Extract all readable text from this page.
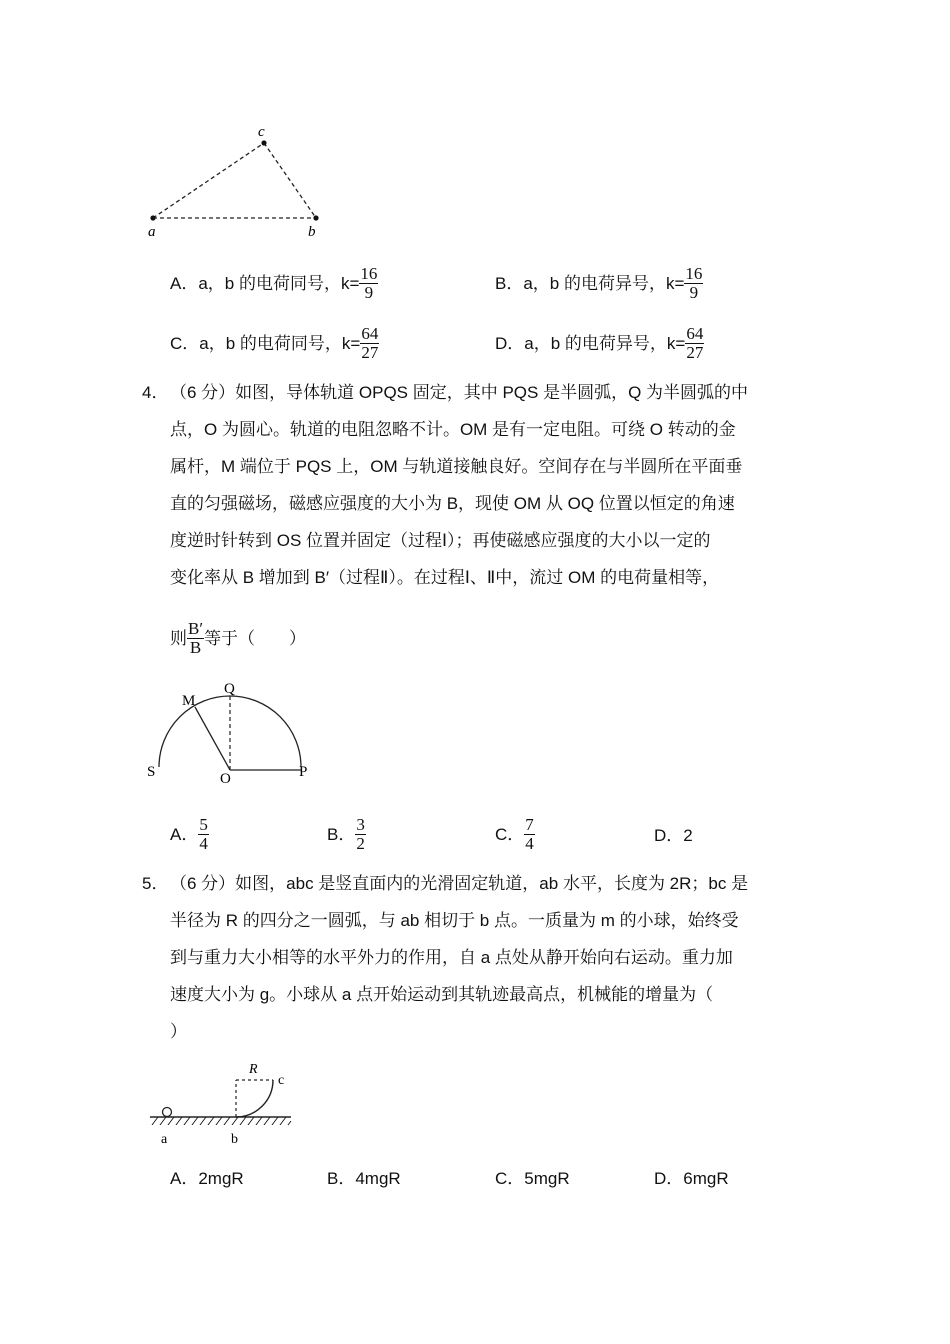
a	b
c
A． a，b 的电荷同号，$k= \frac{16}{9}$	B． a，b 的电荷异号，$k= \frac{16}{9}$
C． a，b 的电荷同号，$k= \frac{64}{27}$	D． a，b 的电荷异号，$k= \frac{64}{27}$
4． （6 分）如图，导体轨道 OPQS 固定，其中 PQS 是半圆弧，Q 为半圆弧的中
点，O 为圆心。轨道的电阻忽略不计。OM 是有一定电阻。可绕 O 转动的金
属杆，M 端位于 PQS 上，OM 与轨道接触良好。空间存在与半圆所在平面垂
直的匀强磁场，磁感应强度的大小为 B，现使 OM 从 OQ 位置以恒定的角速
度逆时针转到 OS 位置并固定（过程Ⅰ）；再使磁感应强度的大小以一定的
变化率从 B 增加到 B′（过程Ⅱ）。在过程Ⅰ、Ⅱ中，流过 OM 的电荷量相等，
则 $\frac{B'}{B}$ 等于（　　）
M
Q
S	O	P
A． $\frac{5}{4}$	B． $\frac{3}{2}$	C． $\frac{7}{4}$	D． 2
5． （6 分）如图，abc 是竖直面内的光滑固定轨道，ab 水平，长度为 2R；bc 是
半径为 R 的四分之一圆弧，与 ab 相切于 b 点。一质量为 m 的小球，始终受
到与重力大小相等的水平外力的作用，自 a 点处从静开始向右运动。重力加
速度大小为 g。小球从 a 点开始运动到其轨迹最高点，机械能的增量为（
）
R
c
a	b
A． 2mgR	B． 4mgR	C． 5mgR	D． 6mgR
